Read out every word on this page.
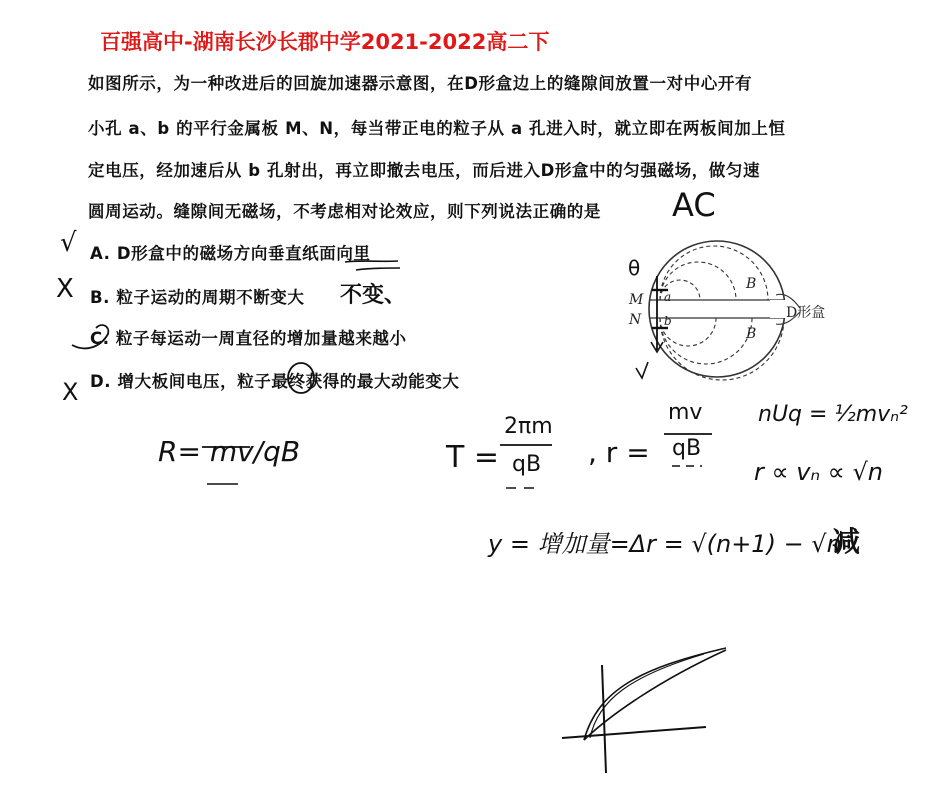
百强高中-湖南长沙长郡中学2021-2022高二下
如图所示，为一种改进后的回旋加速器示意图，在D形盒边上的缝隙间放置一对中心开有
小孔 a、b 的平行金属板 M、N，每当带正电的粒子从 a 孔进入时，就立即在两板间加上恒
定电压，经加速后从 b 孔射出，再立即撤去电压，而后进入D形盒中的匀强磁场，做匀速
圆周运动。缝隙间无磁场，不考虑相对论效应，则下列说法正确的是
A. D形盒中的磁场方向垂直纸面向里
B. 粒子运动的周期不断变大
C. 粒子每运动一周直径的增加量越来越小
D. 增大板间电压，粒子最终获得的最大动能变大
AC
√
X
X
不变、
θ
R= mv/qB	T =
2πm
qB , r =
mv
qB
nUq = ½mvₙ²
r ∝ vₙ ∝ √n
y = 增加量=Δr = √(n+1) − √n
减
M
N
a
b
B
B
D形盒
